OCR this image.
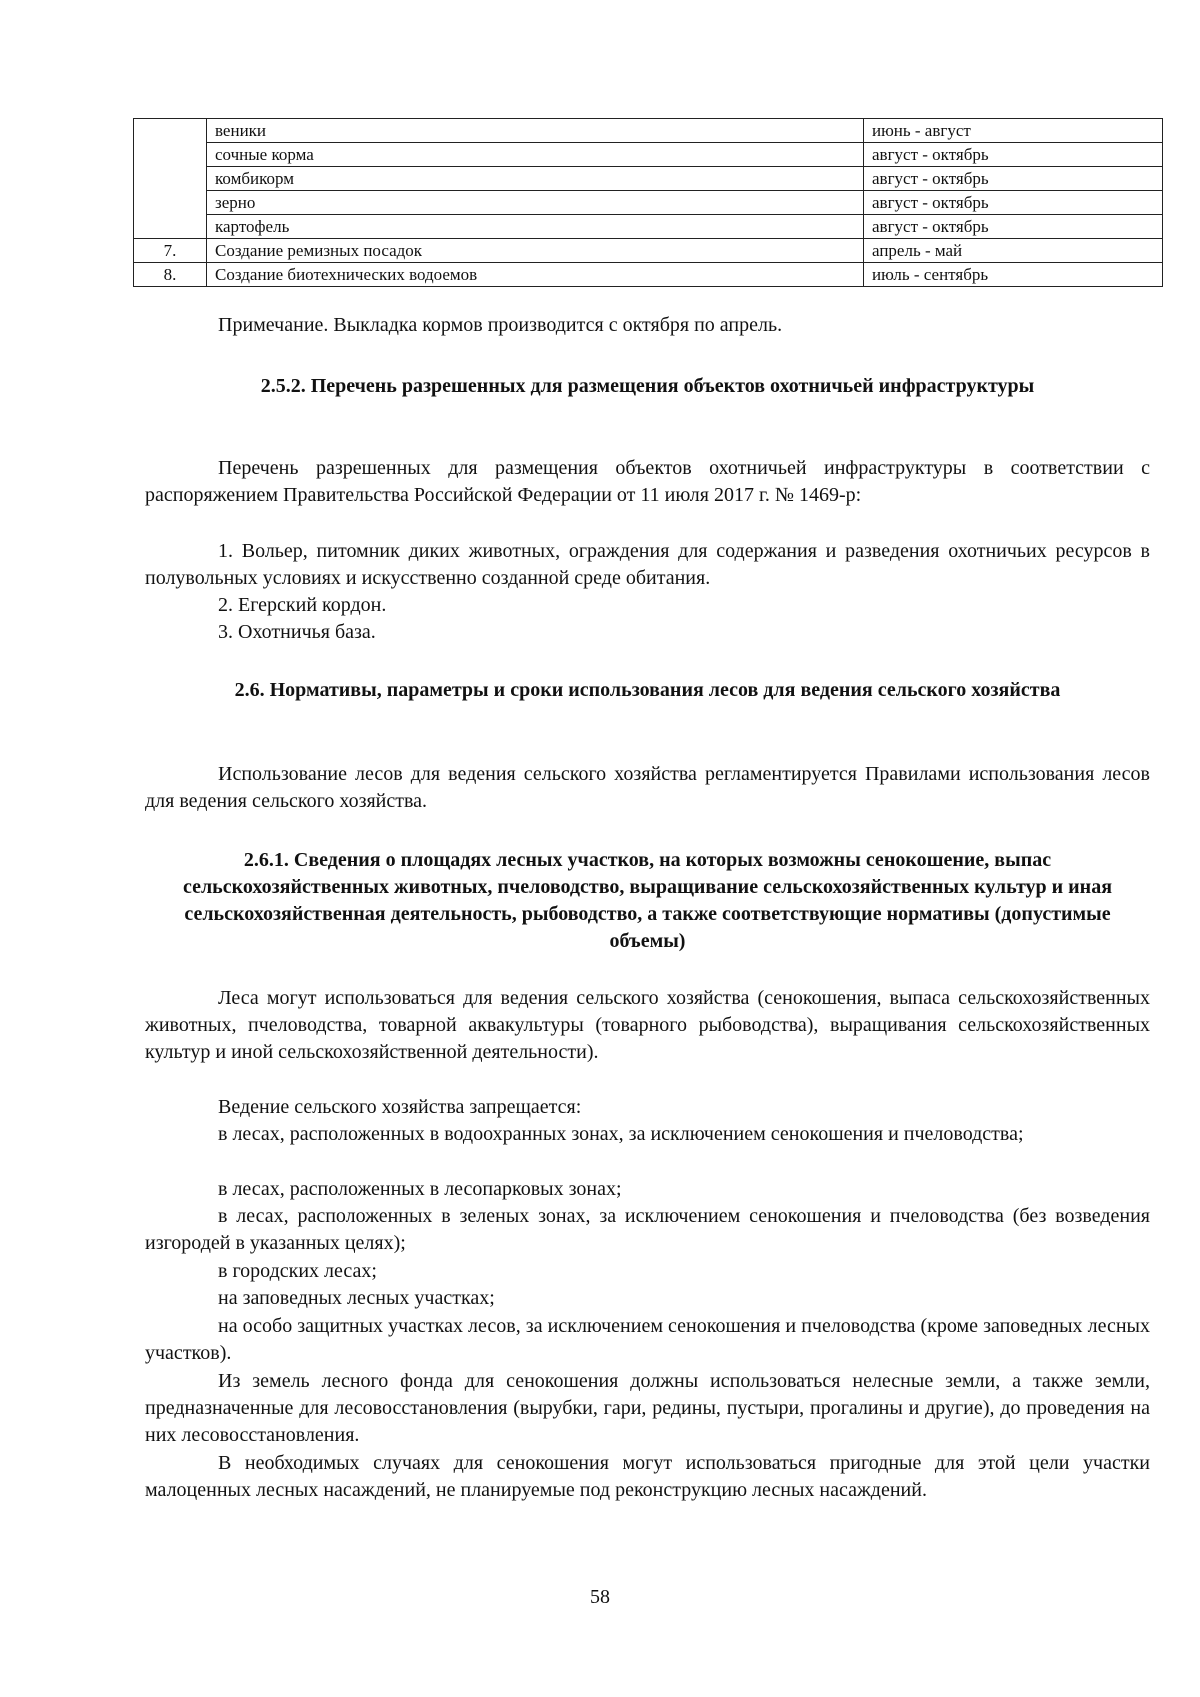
	веники	июнь - август
	сочные корма	август - октябрь
	комбикорм	август - октябрь
	зерно	август - октябрь
	картофель	август - октябрь
7.	Создание ремизных посадок	апрель - май
8.	Создание биотехнических водоемов	июль - сентябрь

Примечание. Выкладка кормов производится с октября по апрель.

2.5.2. Перечень разрешенных для размещения объектов охотничьей инфраструктуры

Перечень разрешенных для размещения объектов охотничьей инфраструктуры в соответствии с распоряжением Правительства Российской Федерации от 11 июля 2017 г. № 1469-р:

1. Вольер, питомник диких животных, ограждения для содержания и разведения охотничьих ресурсов в полувольных условиях и искусственно созданной среде обитания.

2. Егерский кордон.

3. Охотничья база.

2.6. Нормативы, параметры и сроки использования лесов для ведения сельского хозяйства

Использование лесов для ведения сельского хозяйства регламентируется Правилами использования лесов для ведения сельского хозяйства.

2.6.1. Сведения о площадях лесных участков, на которых возможны сенокошение, выпас сельскохозяйственных животных, пчеловодство, выращивание сельскохозяйственных культур и иная сельскохозяйственная деятельность, рыбоводство, а также соответствующие нормативы (допустимые объемы)

Леса могут использоваться для ведения сельского хозяйства (сенокошения, выпаса сельскохозяйственных животных, пчеловодства, товарной аквакультуры (товарного рыбоводства), выращивания сельскохозяйственных культур и иной сельскохозяйственной деятельности).

Ведение сельского хозяйства запрещается:

в лесах, расположенных в водоохранных зонах, за исключением сенокошения и пчеловодства;

в лесах, расположенных в лесопарковых зонах;

в лесах, расположенных в зеленых зонах, за исключением сенокошения и пчеловодства (без возведения изгородей в указанных целях);

в городских лесах;

на заповедных лесных участках;

на особо защитных участках лесов, за исключением сенокошения и пчеловодства (кроме заповедных лесных участков).

Из земель лесного фонда для сенокошения должны использоваться нелесные земли, а также земли, предназначенные для лесовосстановления (вырубки, гари, редины, пустыри, прогалины и другие), до проведения на них лесовосстановления.

В необходимых случаях для сенокошения могут использоваться пригодные для этой цели участки малоценных лесных насаждений, не планируемые под реконструкцию лесных насаждений.

58
